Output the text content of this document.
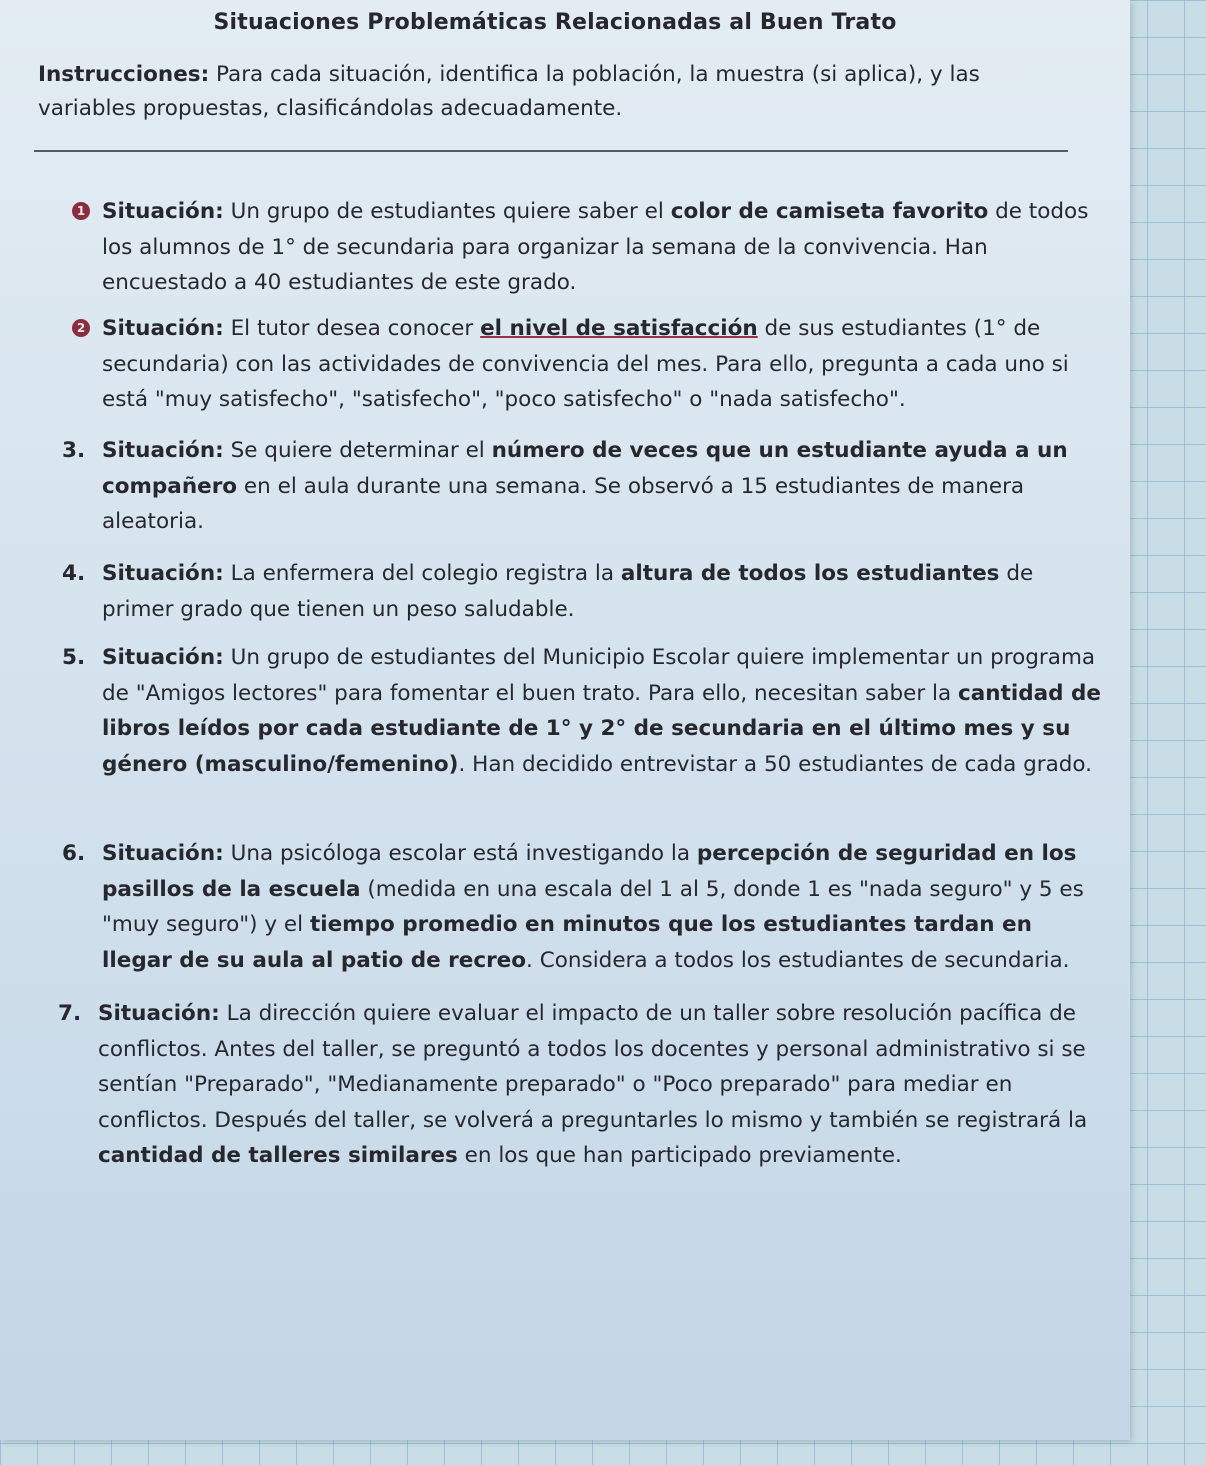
Situaciones Problemáticas Relacionadas al Buen Trato
Instrucciones: Para cada situación, identifica la población, la muestra (si aplica), y las variables propuestas, clasificándolas adecuadamente.
1 Situación: Un grupo de estudiantes quiere saber el color de camiseta favorito de todos los alumnos de 1° de secundaria para organizar la semana de la convivencia. Han encuestado a 40 estudiantes de este grado.
2 Situación: El tutor desea conocer el nivel de satisfacción de sus estudiantes (1° de secundaria) con las actividades de convivencia del mes. Para ello, pregunta a cada uno si está "muy satisfecho", "satisfecho", "poco satisfecho" o "nada satisfecho".
3. Situación: Se quiere determinar el número de veces que un estudiante ayuda a un compañero en el aula durante una semana. Se observó a 15 estudiantes de manera aleatoria.
4. Situación: La enfermera del colegio registra la altura de todos los estudiantes de primer grado que tienen un peso saludable.
5. Situación: Un grupo de estudiantes del Municipio Escolar quiere implementar un programa de "Amigos lectores" para fomentar el buen trato. Para ello, necesitan saber la cantidad de libros leídos por cada estudiante de 1° y 2° de secundaria en el último mes y su género (masculino/femenino). Han decidido entrevistar a 50 estudiantes de cada grado.
6. Situación: Una psicóloga escolar está investigando la percepción de seguridad en los pasillos de la escuela (medida en una escala del 1 al 5, donde 1 es "nada seguro" y 5 es "muy seguro") y el tiempo promedio en minutos que los estudiantes tardan en llegar de su aula al patio de recreo. Considera a todos los estudiantes de secundaria.
7. Situación: La dirección quiere evaluar el impacto de un taller sobre resolución pacífica de conflictos. Antes del taller, se preguntó a todos los docentes y personal administrativo si se sentían "Preparado", "Medianamente preparado" o "Poco preparado" para mediar en conflictos. Después del taller, se volverá a preguntarles lo mismo y también se registrará la cantidad de talleres similares en los que han participado previamente.
